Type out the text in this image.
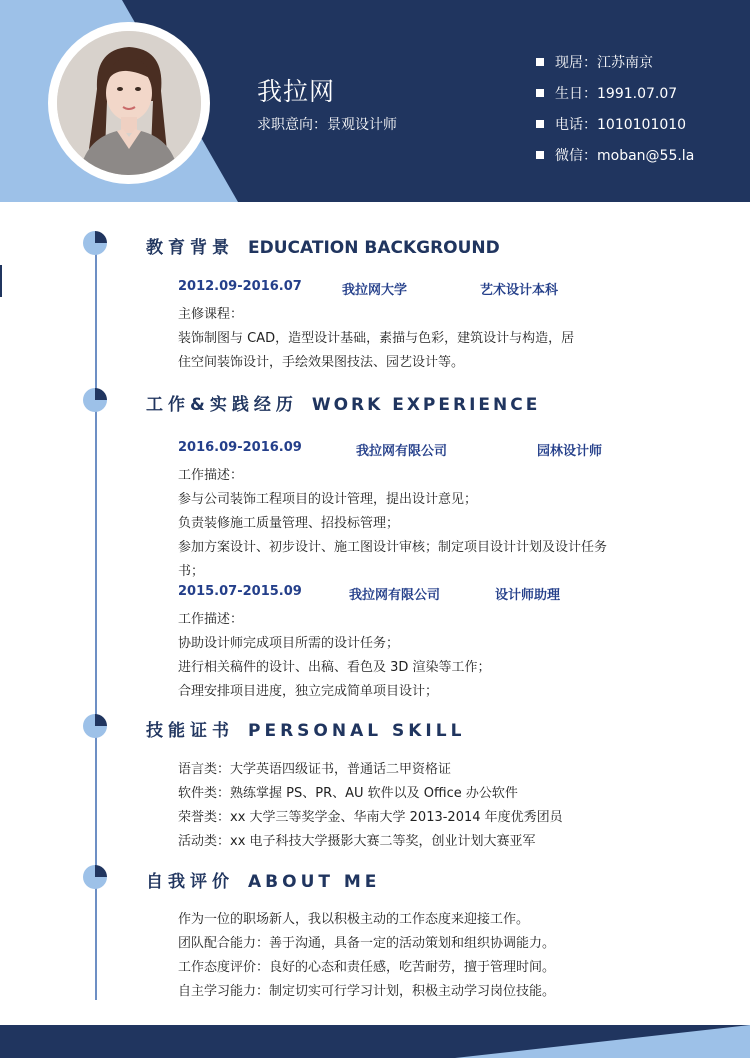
我拉网
求职意向：景观设计师
现居：江苏南京
生日：1991.07.07
电话：1010101010
微信：moban@55.la
教育背景 EDUCATION BACKGROUND
2012.09-2016.07	我拉网大学	艺术设计本科
主修课程：
装饰制图与 CAD，造型设计基础，素描与色彩，建筑设计与构造，居
住空间装饰设计，手绘效果图技法、园艺设计等。
工作&实践经历 WORK EXPERIENCE
2016.09-2016.09	我拉网有限公司	园林设计师
工作描述：
参与公司装饰工程项目的设计管理，提出设计意见；
负责装修施工质量管理、招投标管理；
参加方案设计、初步设计、施工图设计审核；制定项目设计计划及设计任务
书；
2015.07-2015.09	我拉网有限公司	设计师助理
工作描述：
协助设计师完成项目所需的设计任务；
进行相关稿件的设计、出稿、看色及 3D 渲染等工作；
合理安排项目进度，独立完成简单项目设计；
技能证书 PERSONAL SKILL
语言类：大学英语四级证书，普通话二甲资格证
软件类：熟练掌握 PS、PR、AU 软件以及 Office 办公软件
荣誉类：xx 大学三等奖学金、华南大学 2013-2014 年度优秀团员
活动类：xx 电子科技大学摄影大赛二等奖，创业计划大赛亚军
自我评价 ABOUT ME
作为一位的职场新人，我以积极主动的工作态度来迎接工作。
团队配合能力：善于沟通，具备一定的活动策划和组织协调能力。
工作态度评价：良好的心态和责任感，吃苦耐劳，擅于管理时间。
自主学习能力：制定切实可行学习计划，积极主动学习岗位技能。
